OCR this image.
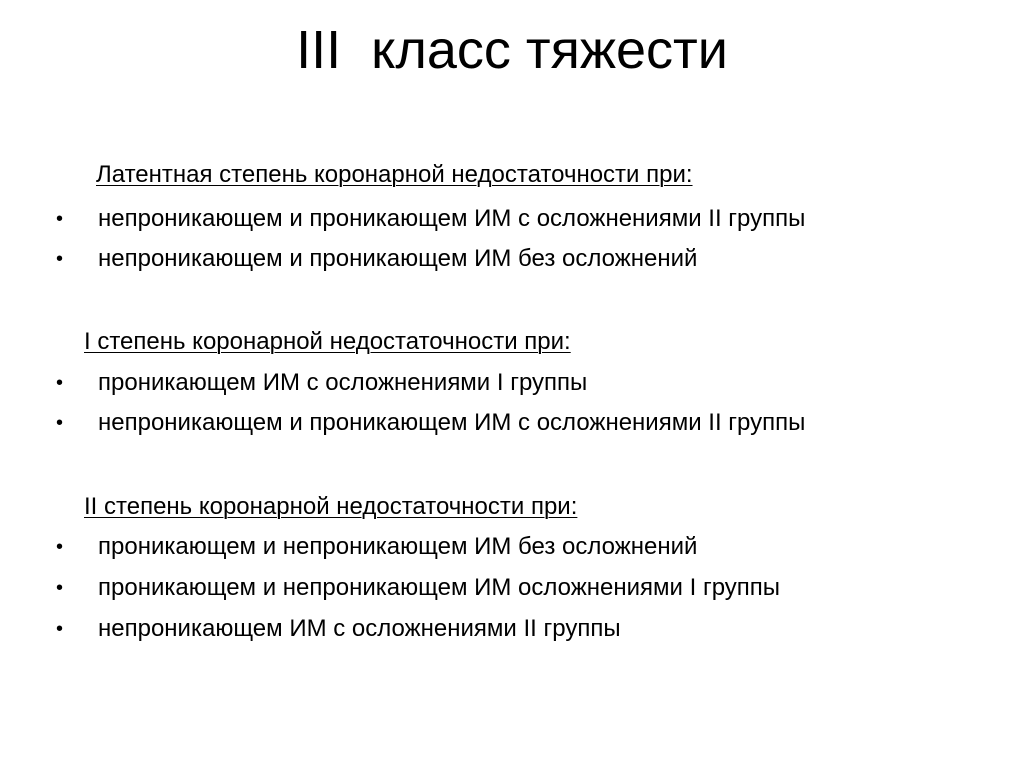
III  класс тяжести
Латентная степень коронарной недостаточности при:
• непроникающем и проникающем ИМ с осложнениями II группы
• непроникающем и проникающем ИМ без осложнений
I степень коронарной недостаточности при:
• проникающем ИМ с осложнениями I группы
• непроникающем и проникающем ИМ с осложнениями II группы
II степень коронарной недостаточности при:
• проникающем и непроникающем ИМ без осложнений
• проникающем и непроникающем ИМ осложнениями I группы
• непроникающем ИМ с осложнениями II группы
